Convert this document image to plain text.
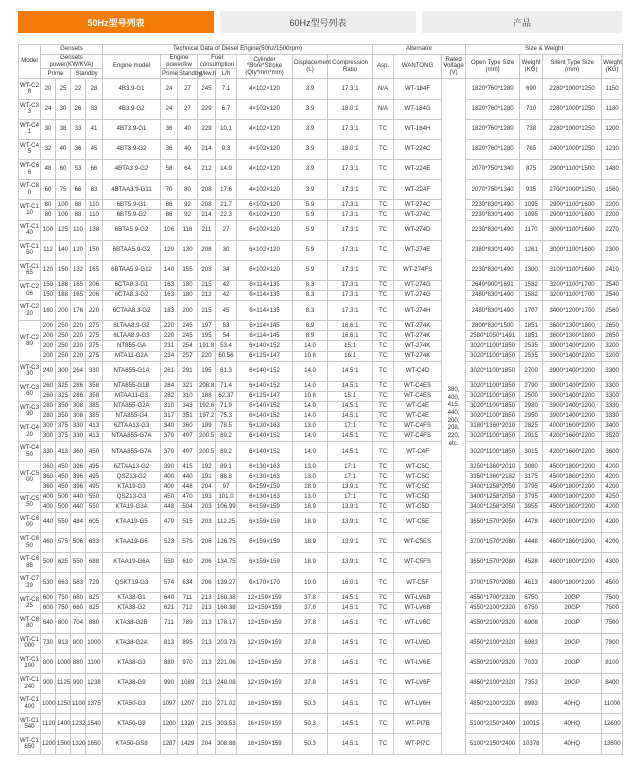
50Hz型号列表	60Hz型号列表	产品
Model	Gensets				Technical Data of Diesel Engine(50hz/1500rpm)								Alternator			Size & Weight			
	Gensets power(KW/KVA)				Engine model	Engine power/kw		Fuel consumption		Cylinder *Bore*Stroke (Qty*mm*mm)	Displacement (L)	Compression Ratio	Asp.	WANTONG	Rated Voltage (V)	Open Type Size (mm)	Weight (KG)	Silent Type Size (mm)	Weight (KG)
	Prime		Standby			Prime	Standby	g/kw.h	L/h										
WT-C28	20	25	22	28	4B3.9-G1	24	27	245	7.1	4×102×120	3.9	17.3:1	N/A	WT-184F	380, 400, 415, 440, 200, 208, 220, etc.	1820*760*1280	690	2280*1000*1250	1150
WT-C33	24	30	26	33	4B3.9-G2	24	27	229	6.7	4×102×120	3.9	18.0:1	N/A	WT-184G		1820*760*1280	710	2280*1000*1250	1180
WT-C41	30	38	33	41	4BT3.9-G1	36	40	229	10.1	4×102×120	3.9	17.3:1	TC	WT-184H		1820*760*1280	738	2280*1000*1250	1200
WT-C45	32	40	36	45	4BT3.9-G2	36	40	214	9.3	4×102×120	3.9	18.0:1	TC	WT-224C		1820*760*1280	765	2400*1000*1250	1230
WT-C66	48	60	53	66	4BTA3.9-G2	58	64	212	14.9	4×102×120	3.9	17.3:1	TC	WT-224E		2070*750*1340	875	2900*1100*1500	1480
WT-C80	60	75	66	83	4BTAA3.9-G11	70	80	208	17.6	4×102×120	3.9	17.3:1	TC	WT-224F		2070*750*1340	935	2700*1000*1250	1560
WT-C110	80	100	88	110	6BT5.9-G1	86	92	208	21.7	6×102×120	5.9	17.3:1	TC	WT-274C		2230*830*1490	1095	2900*1100*1600	2200
	80	100	88	110	6BT5.9-G2	86	92	214	22.3	6×102×120	5.9	17.3:1	TC	WT-274C		2230*830*1490	1095	2900*1100*1600	2200
WT-C140	100	125	110	138	6BTA5.9-G2	106	116	211	27	6×102×120	5.9	17.3:1	TC	WT-274D		2230*830*1490	1170	3000*1100*1600	2270
WT-C150	112	140	120	150	6BTAA5.9-G2	120	130	208	30	6×102×120	5.9	17.3:1	TC	WT-274E		2380*830*1490	1261	3000*1100*1600	2300
WT-C165	120	150	132	165	6BTAA5.9-G12	140	155	203	34	6×102×120	5.9	17.3:1	TC	WT-274FS		2230*830*1490	1300	3100*1100*1600	2410
WT-C206	150	188	165	206	6CTA8.3-G1	163	180	215	42	6×114×135	8.3	17.3:1	TC	WT-274G		2640*900*1691	1582	3200*1100*1700	2540
	150	188	165	206	6CTA8.3-G2	163	180	212	42	6×114×135	8.3	17.3:1	TC	WT-274G		2480*830*1490	1582	3200*1100*1700	2540
WT-C220	160	200	176	220	6CTAA8.3-G2	183	200	215	45	6×114×135	8.3	17.3:1	TC	WT-274H		2480*830*1490	1707	3400*1200*1700	2560
WT-C280	200	250	220	275	6LTAA8.9-G2	220	245	197	53	6×114×145	8.9	16.6:1	TC	WT-274K		2800*830*1500	1851	3600*1300*1800	2650
	200	250	220	275	6LTAA8.9-G3	220	245	195	54	6×114×145	8.9	16.6:1	TC	WT-274K		2580*1050*1491	1851	3600*1300*1800	2650
	200	250	220	275	NT855-GA	231	254	191.8	53.4	6×140×152	14.0	15:1	TC	WT-274K		3020*1100*1850	2535	3900*1400*2200	3200
	200	250	220	275	MTA11-G2A	234	257	220	60.56	6×125×147	10.8	16:1	TC	WT-274K		3020*1100*1850	2535	3900*1400*2200	3200
WT-C330	240	300	264	330	NTA855-G1A	261	291	195	61.3	6×140×152	14.0	14.5:1	TC	WT-C4D		3020*1100*1850	2700	3900*1400*2200	3300
WT-C360	260	325	286	358	NTA855-G1B	284	321	208.8	71.4	6×140×152	14.0	14.5:1	TC	WT-C4ES		3020*1100*1850	2790	3900*1400*2200	3300
	260	325	286	358	MTAA11-G3	282	310	188	62.37	6×125×147	10.8	15:1	TC	WT-C4ES		3020*1100*1850	2500	3900*1400*2200	3300
WT-C390	280	350	308	385	NTA855-G2A	310	343	192.6	71.9	6×140×152	14.0	14.5:1	TC	WT-C4E		3020*1100*1850	2980	3900*1400*2200	3330
	280	350	308	385	NTA855-G4	317	351	197.2	75.3	6×140×152	14.0	14.5:1	TC	WT-C4E		3020*1100*1850	2950	3900*1400*2200	3330
WT-C420	300	375	330	413	6ZTAA13-G3	340	360	199	78.5	6×130×163	13.0	17:1	TC	WT-C4FS		3180*1360*2010	2825	4000*1600*2200	3400
	300	375	330	413	NTAA855-G7A	370	407	200.5	89.2	6×140×152	14.0	14.5:1	TC	WT-C4FS		3020*1100*1850	2915	4200*1600*2200	3520
WT-C450	330	413	360	450	NTAA855-G7A	370	407	200.5	89.2	6×140×152	14.0	14.5:1	TC	WT-C4F		3020*1100*1850	3015	4200*1600*2200	3600
WT-C500	360	450	396	495	6ZTAA13-G2	390	415	192	89.1	6×130×163	13.0	17:1	TC	WT-C5C		3250*1360*2010	3080	4500*1800*2200	4200
	360	450	396	495	QSZ13-G2	400	440	191	88.8	6×130×163	13.0	17:1	TC	WT-C5C		3350*1360*2182	3175	4500*1800*2200	4200
	360	450	396	495	KTA19-G3	400	448	204	97	6×159×159	18.9	13.9:1	TC	WT-C5C		3400*1258*2050	3795	4500*1800*2200	4200
WT-C550	400	500	440	550	QSZ13-G3	450	470	193	101.0	6×130×163	13.0	17:1	TC	WT-C5D		3400*1258*2050	3795	4900*1800*2200	4250
	400	500	440	550	KTA19-G3A	448	504	203	106.99	6×159×159	18.9	13.9:1	TC	WT-C5D		3400*1258*2050	3955	4500*1800*2200	4200
WT-C600	440	550	484	605	KTAA19-G5	470	515	203	112.25	6×159×159	18.9	13.9:1	TC	WT-C5E		3650*1570*2050	4478	4600*1800*2200	4200
WT-C650	460	575	506	633	KTAA19-G6	523	575	206	126.75	6×159×159	18.9	13.9:1	TC	WT-C5ES		3700*1570*2080	4448	4600*1800*2200	4200
WT-C688	500	625	550	688	KTAA19-G6A	550	610	206	134.75	6×159×159	18.9	13.9:1	TC	WT-C5FS		3650*1570*2080	4528	4600*1800*2200	4300
WT-C729	530	663	583	729	QSKT19-G3	574	634	206	139.27	6×170×170	19.0	16.0:1	TC	WT-C5F		3700*1570*2080	4613	4800*1800*2200	4500
WT-C825	600	750	660	825	KTA38-G1	640	711	213	160.38	12×159×159	37.8	14.5:1	TC	WT-LV6B		4550*1700*2320	6750	20GP	7500
	600	750	660	825	KTA38-G2	621	712	213	160.38	12×159×159	37.8	14.5:1	TC	WT-LV6B		4550*2100*2320	6750	20GP	7500
WT-C880	640	800	704	880	KTA38-G2B	711	789	213	178.17	12×159×159	37.8	14.5:1	TC	WT-LV6C		4550*2100*2320	6908	20GP	7500
WT-C1000	730	913	800	1000	KTA38-G2A	813	895	213	203.73	12×159×159	37.8	14.5:1	TC	WT-LV6D		4550*2100*2320	6983	20GP	7800
WT-C1100	800	1000	880	1100	KTA38-G3	880	970	213	221.06	12×159×159	37.8	14.5:1	TC	WT-LV6E		4550*2100*2320	7033	20GP	8100
WT-C1240	900	1125	990	1238	KTA38-G9	990	1089	213	248.08	12×159×159	37.8	14.5:1	TC	WT-LV6F		4850*2100*2320	7353	20GP	8400
WT-C1400	1000	1250	1100	1375	KTA50-G3	1097	1207	210	271.02	16×159×159	50.3	14.5:1	TC	WT-LV6H		4850*2100*2320	8983	40HQ	11000
WT-C1540	1120	1400	1232	1540	KTA50-G8	1200	1320	215	303.53	16×159×159	50.3	14.5:1	TC	WT-PI7B		5100*2150*2400	10015	40HQ	12600
WT-C1650	1200	1500	1320	1650	KTA50-GS8	1287	1429	204	308.88	16×159×159	50.3	14.5:1	TC	WT-PI7C		5100*2150*2400	10378	40HQ	13600
